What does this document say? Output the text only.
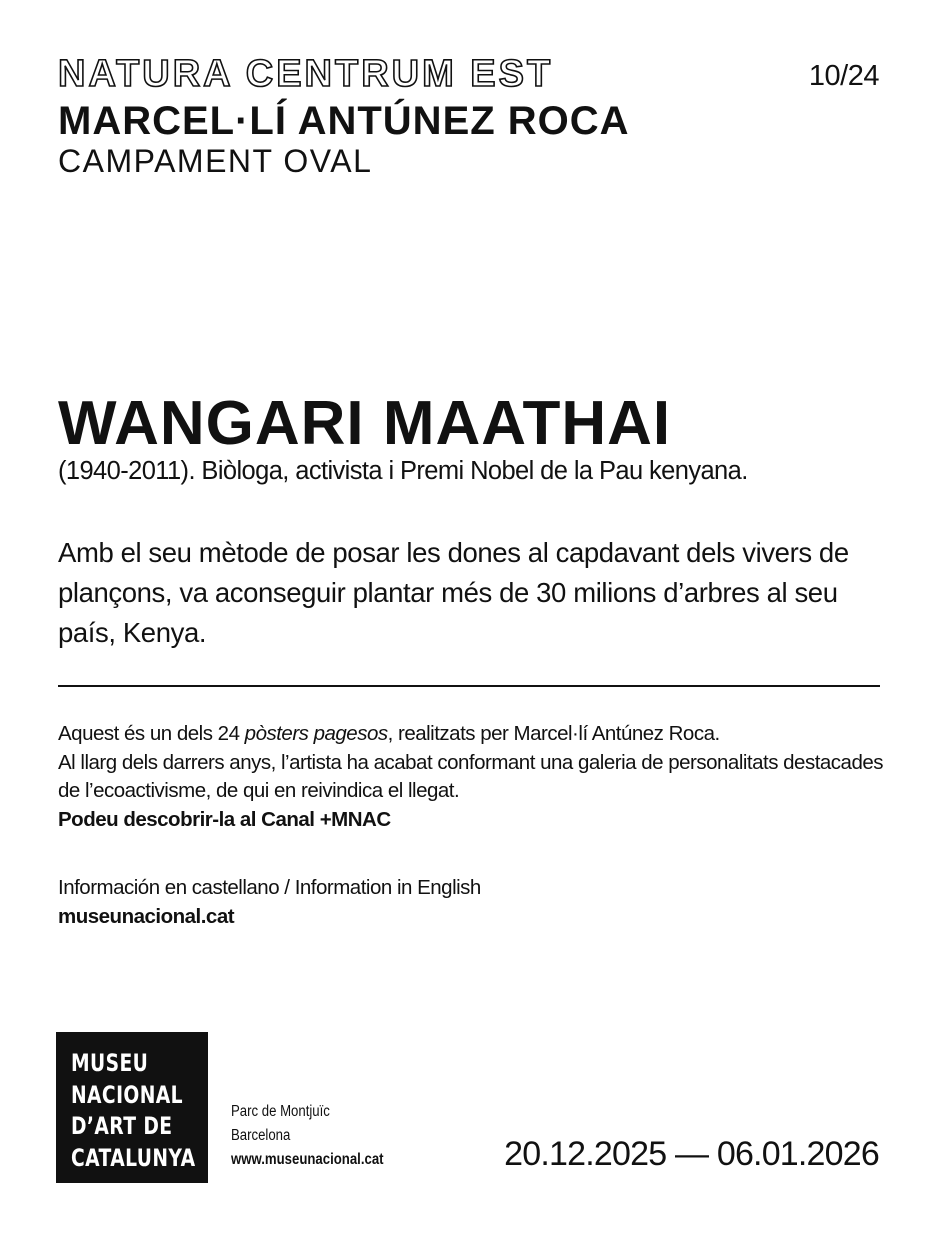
NATURA CENTRUM EST	10/24
MARCEL·LÍ ANTÚNEZ ROCA
CAMPAMENT OVAL
WANGARI MAATHAI
(1940-2011). Biòloga, activista i Premi Nobel de la Pau kenyana.
Amb el seu mètode de posar les dones al capdavant dels vivers de plançons, va aconseguir plantar més de 30 milions d’arbres al seu país, Kenya.

Aquest és un dels 24 pòsters pagesos, realitzats per Marcel·lí Antúnez Roca.

Al llarg dels darrers anys, l’artista ha acabat conformant una galeria de personalitats destacades de l’ecoactivisme, de qui en reivindica el llegat.

Podeu descobrir-la al Canal +MNAC

Información en castellano / Information in English

museunacional.cat

MUSEU
NACIONAL
D’ART DE
CATALUNYA
Parc de Montjuïc
Barcelona
www.museunacional.cat	20.12.2025 — 06.01.2026
